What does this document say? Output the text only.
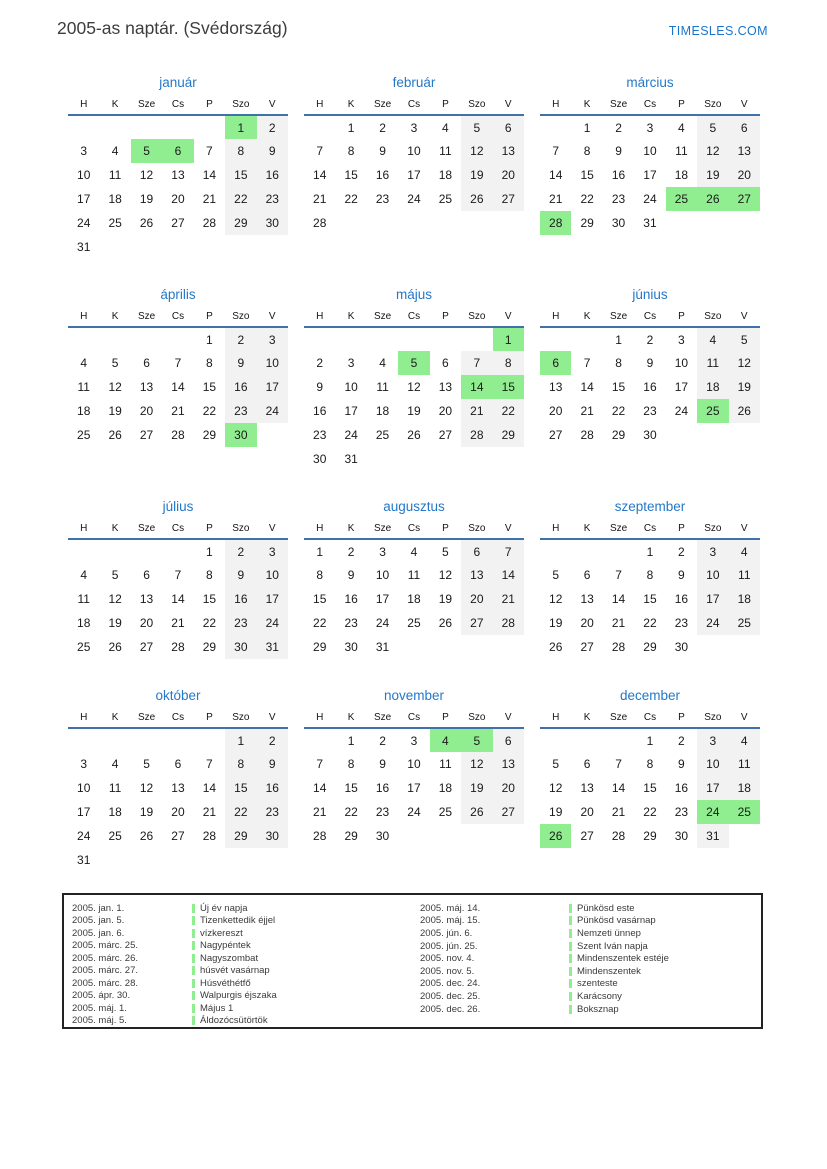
2005-as naptár. (Svédország)	TIMESLES.COM
január
H	K	Sze	Cs	P	Szo	V
					1	2
3	4	5	6	7	8	9
10	11	12	13	14	15	16
17	18	19	20	21	22	23
24	25	26	27	28	29	30
31						
február
H	K	Sze	Cs	P	Szo	V
	1	2	3	4	5	6
7	8	9	10	11	12	13
14	15	16	17	18	19	20
21	22	23	24	25	26	27
28						
március
H	K	Sze	Cs	P	Szo	V
	1	2	3	4	5	6
7	8	9	10	11	12	13
14	15	16	17	18	19	20
21	22	23	24	25	26	27
28	29	30	31			
április
H	K	Sze	Cs	P	Szo	V
				1	2	3
4	5	6	7	8	9	10
11	12	13	14	15	16	17
18	19	20	21	22	23	24
25	26	27	28	29	30	
május
H	K	Sze	Cs	P	Szo	V
						1
2	3	4	5	6	7	8
9	10	11	12	13	14	15
16	17	18	19	20	21	22
23	24	25	26	27	28	29
30	31					
június
H	K	Sze	Cs	P	Szo	V
		1	2	3	4	5
6	7	8	9	10	11	12
13	14	15	16	17	18	19
20	21	22	23	24	25	26
27	28	29	30			
július
H	K	Sze	Cs	P	Szo	V
				1	2	3
4	5	6	7	8	9	10
11	12	13	14	15	16	17
18	19	20	21	22	23	24
25	26	27	28	29	30	31
augusztus
H	K	Sze	Cs	P	Szo	V
1	2	3	4	5	6	7
8	9	10	11	12	13	14
15	16	17	18	19	20	21
22	23	24	25	26	27	28
29	30	31				
szeptember
H	K	Sze	Cs	P	Szo	V
			1	2	3	4
5	6	7	8	9	10	11
12	13	14	15	16	17	18
19	20	21	22	23	24	25
26	27	28	29	30		
október
H	K	Sze	Cs	P	Szo	V
					1	2
3	4	5	6	7	8	9
10	11	12	13	14	15	16
17	18	19	20	21	22	23
24	25	26	27	28	29	30
31						
november
H	K	Sze	Cs	P	Szo	V
	1	2	3	4	5	6
7	8	9	10	11	12	13
14	15	16	17	18	19	20
21	22	23	24	25	26	27
28	29	30				
december
H	K	Sze	Cs	P	Szo	V
			1	2	3	4
5	6	7	8	9	10	11
12	13	14	15	16	17	18
19	20	21	22	23	24	25
26	27	28	29	30	31	
2005. jan. 1.	Új év napja
2005. jan. 5.	Tizenkettedik éjjel
2005. jan. 6.	vízkereszt
2005. márc. 25.	Nagypéntek
2005. márc. 26.	Nagyszombat
2005. márc. 27.	húsvét vasárnap
2005. márc. 28.	Húsvéthétfő
2005. ápr. 30.	Walpurgis éjszaka
2005. máj. 1.	Május 1
2005. máj. 5.	Áldozócsütörtök
2005. máj. 14.	Pünkösd este
2005. máj. 15.	Pünkösd vasárnap
2005. jún. 6.	Nemzeti ünnep
2005. jún. 25.	Szent Iván napja
2005. nov. 4.	Mindenszentek estéje
2005. nov. 5.	Mindenszentek
2005. dec. 24.	szenteste
2005. dec. 25.	Karácsony
2005. dec. 26.	Boksznap
